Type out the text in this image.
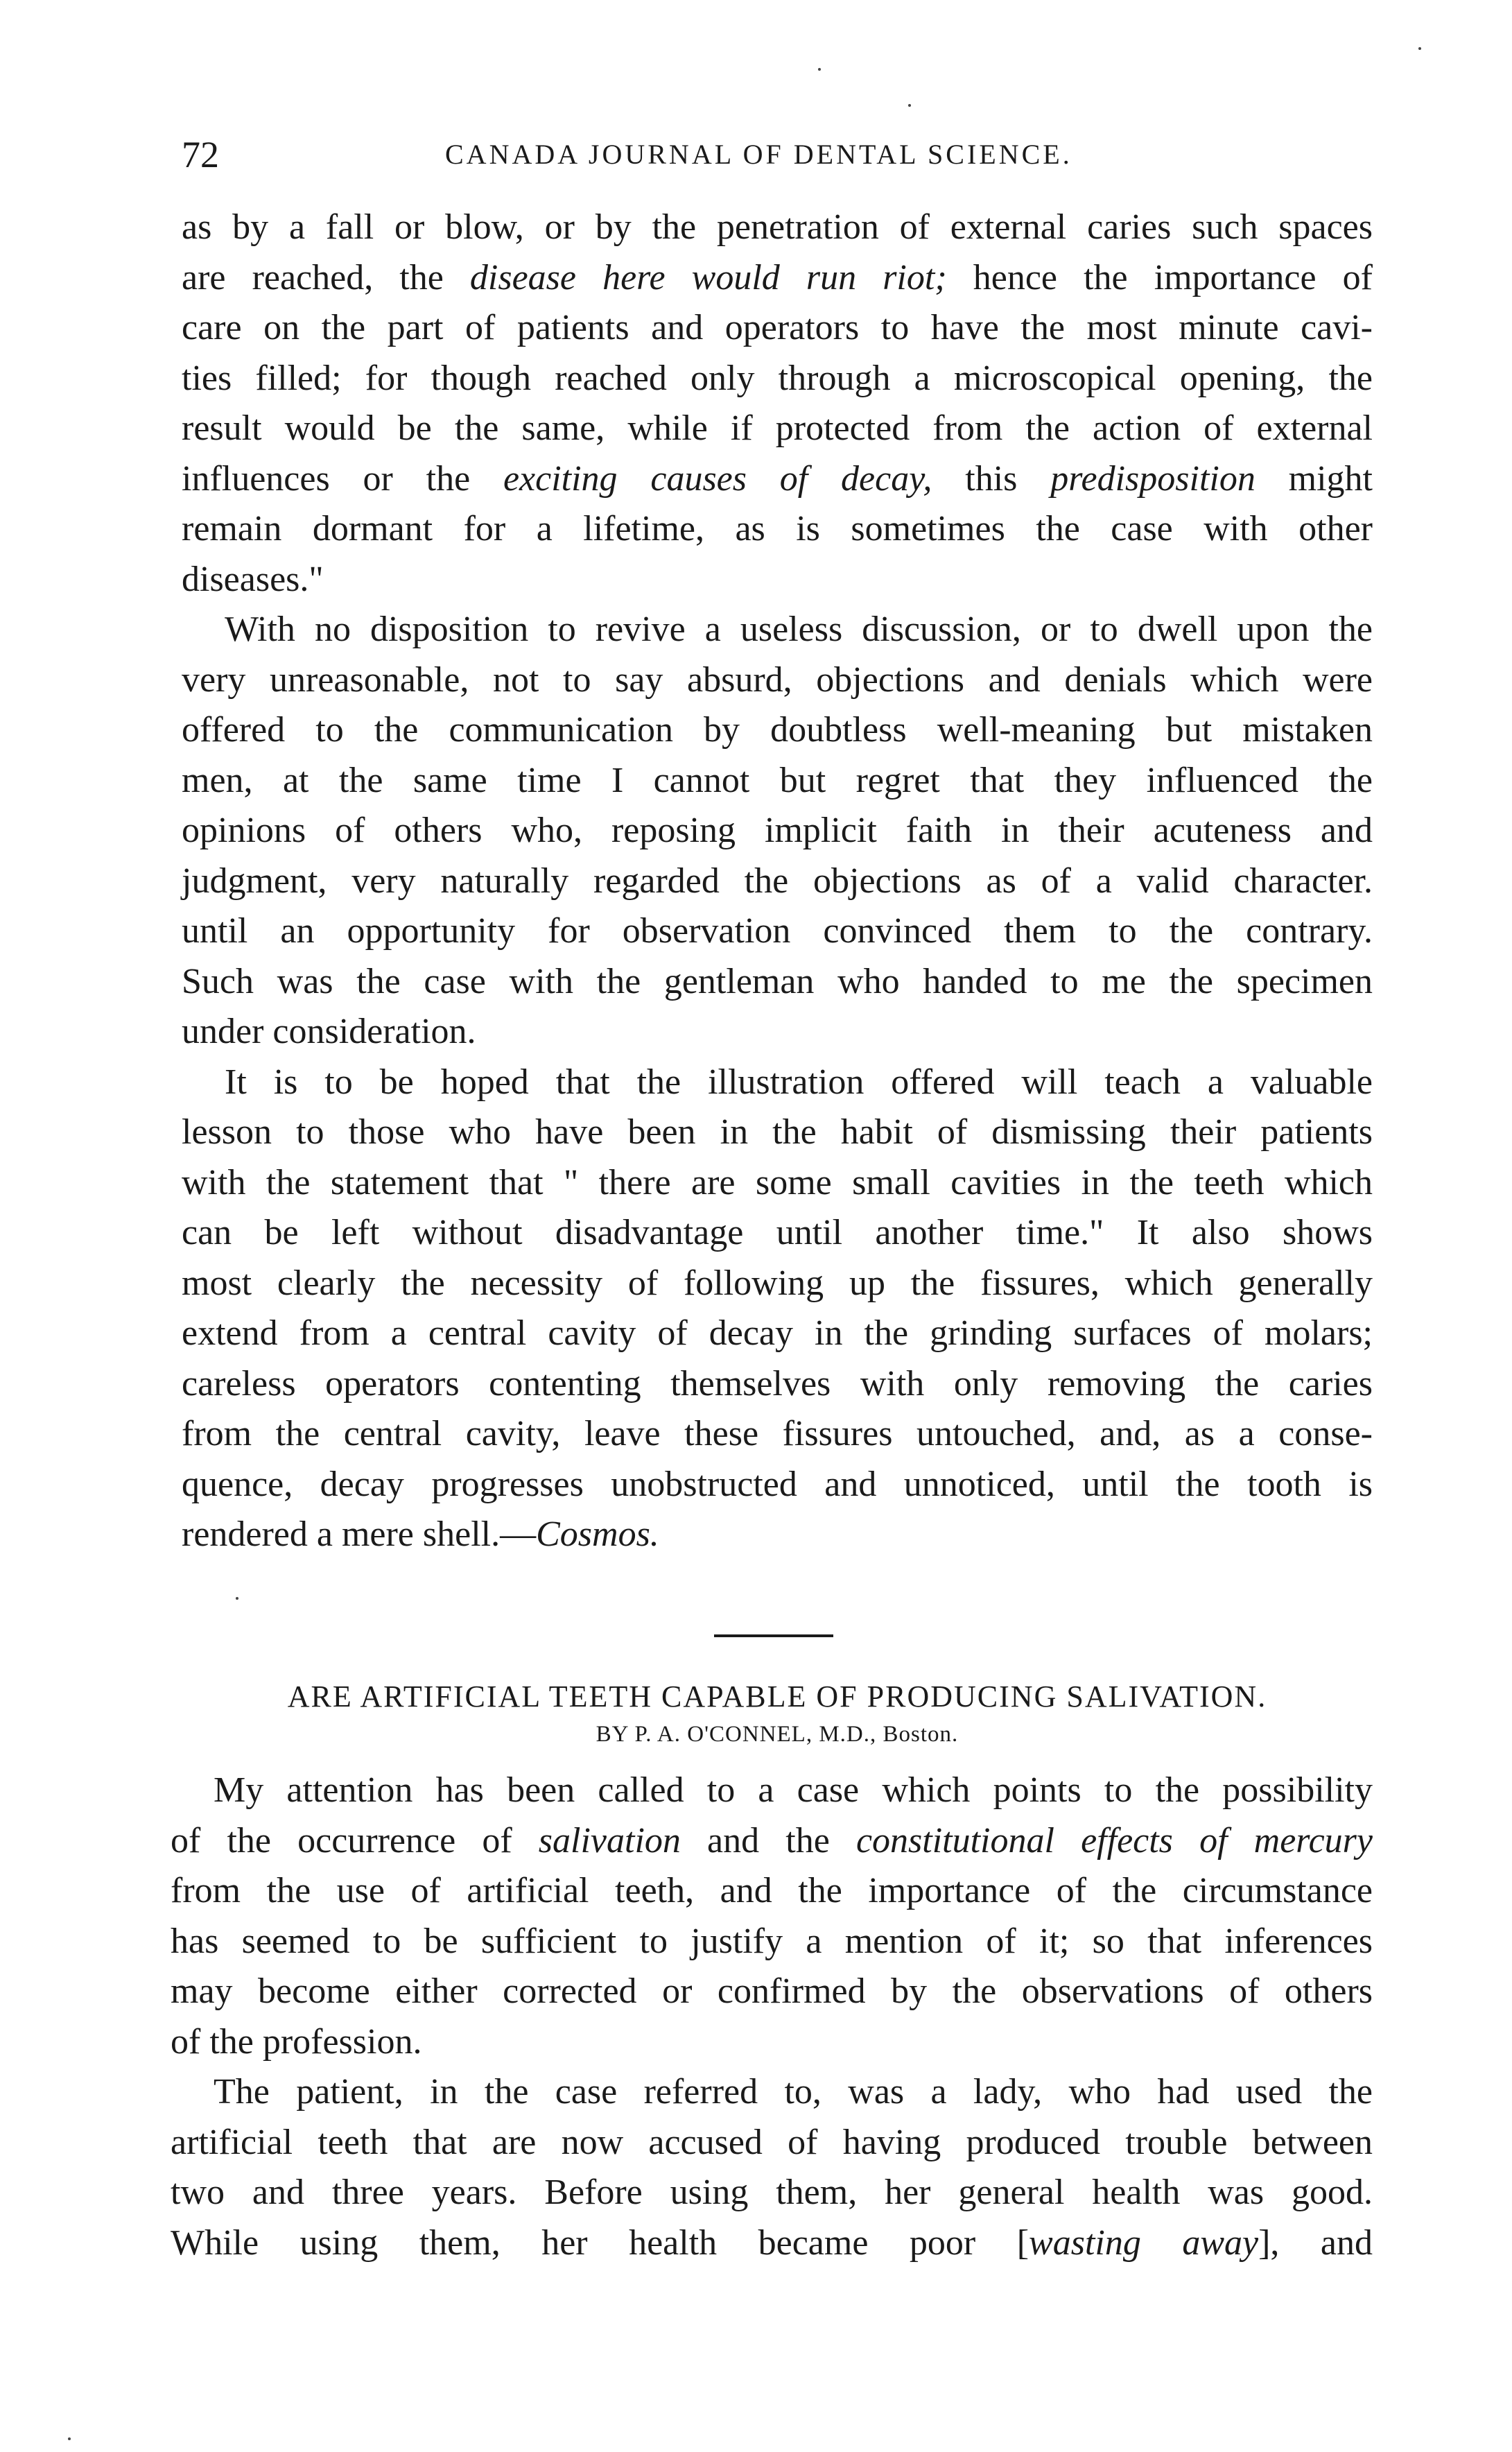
72	CANADA JOURNAL OF DENTAL SCIENCE.
as by a fall or blow, or by the penetration of external caries such spaces
are reached, the disease here would run riot; hence the importance of
care on the part of patients and operators to have the most minute cavi-
ties filled; for though reached only through a microscopical opening, the
result would be the same, while if protected from the action of external
influences or the exciting causes of decay, this predisposition might
remain dormant for a lifetime, as is sometimes the case with other
diseases."
With no disposition to revive a useless discussion, or to dwell upon the
very unreasonable, not to say absurd, objections and denials which were
offered to the communication by doubtless well-meaning but mistaken
men, at the same time I cannot but regret that they influenced the
opinions of others who, reposing implicit faith in their acuteness and
judgment, very naturally regarded the objections as of a valid character.
until an opportunity for observation convinced them to the contrary.
Such was the case with the gentleman who handed to me the specimen
under consideration.
It is to be hoped that the illustration offered will teach a valuable
lesson to those who have been in the habit of dismissing their patients
with the statement that " there are some small cavities in the teeth which
can be left without disadvantage until another time." It also shows
most clearly the necessity of following up the fissures, which generally
extend from a central cavity of decay in the grinding surfaces of molars;
careless operators contenting themselves with only removing the caries
from the central cavity, leave these fissures untouched, and, as a conse-
quence, decay progresses unobstructed and unnoticed, until the tooth is
rendered a mere shell.—Cosmos.
ARE ARTIFICIAL TEETH CAPABLE OF PRODUCING SALIVATION.
BY P. A. O'CONNEL, M.D., Boston.
My attention has been called to a case which points to the possibility
of the occurrence of salivation and the constitutional effects of mercury
from the use of artificial teeth, and the importance of the circumstance
has seemed to be sufficient to justify a mention of it; so that inferences
may become either corrected or confirmed by the observations of others
of the profession.
The patient, in the case referred to, was a lady, who had used the
artificial teeth that are now accused of having produced trouble between
two and three years. Before using them, her general health was good.
While using them, her health became poor [wasting away], and
